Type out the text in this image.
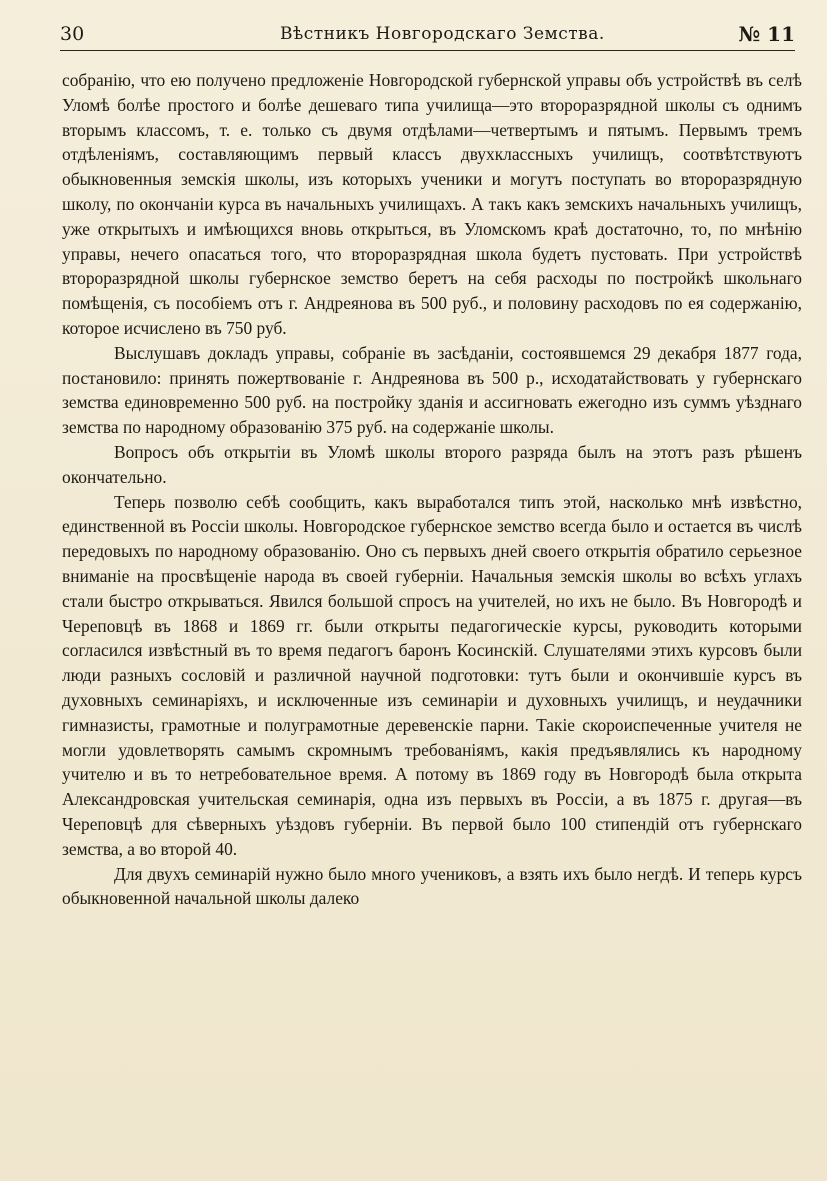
30	Вѣстникъ Новгородскаго Земства.	№ 11

собранію, что ею получено предложеніе Новгородской губернской управы объ устройствѣ въ селѣ Уломѣ болѣе простого и болѣе дешеваго типа училища—это второразрядной школы съ однимъ вторымъ классомъ, т. е. только съ двумя отдѣлами—четвертымъ и пятымъ. Первымъ тремъ отдѣленіямъ, составляющимъ первый классъ двухклассныхъ училищъ, соотвѣтствуютъ обыкновенныя земскія школы, изъ которыхъ ученики и могутъ поступать во второразрядную школу, по окончаніи курса въ начальныхъ училищахъ. А такъ какъ земскихъ начальныхъ училищъ, уже открытыхъ и имѣющихся вновь открыться, въ Уломскомъ краѣ достаточно, то, по мнѣнію управы, нечего опасаться того, что второразрядная школа будетъ пустовать. При устройствѣ второразрядной школы губернское земство беретъ на себя расходы по постройкѣ школьнаго помѣщенія, съ пособіемъ отъ г. Андреянова въ 500 руб., и половину расходовъ по ея содержанію, которое исчислено въ 750 руб.

Выслушавъ докладъ управы, собраніе въ засѣданіи, состоявшемся 29 декабря 1877 года, постановило: принять пожертвованіе г. Андреянова въ 500 р., исходатайствовать у губернскаго земства единовременно 500 руб. на постройку зданія и ассигновать ежегодно изъ суммъ уѣзднаго земства по народному образованію 375 руб. на содержаніе школы.

Вопросъ объ открытіи въ Уломѣ школы второго разряда былъ на этотъ разъ рѣшенъ окончательно.

Теперь позволю себѣ сообщить, какъ выработался типъ этой, насколько мнѣ извѣстно, единственной въ Россіи школы. Новгородское губернское земство всегда было и остается въ числѣ передовыхъ по народному образованію. Оно съ первыхъ дней своего открытія обратило серьезное вниманіе на просвѣщеніе народа въ своей губерніи. Начальныя земскія школы во всѣхъ углахъ стали быстро открываться. Явился большой спросъ на учителей, но ихъ не было. Въ Новгородѣ и Череповцѣ въ 1868 и 1869 гг. были открыты педагогическіе курсы, руководить которыми согласился извѣстный въ то время педагогъ баронъ Косинскій. Слушателями этихъ курсовъ были люди разныхъ сословій и различной научной подготовки: тутъ были и окончившіе курсъ въ духовныхъ семинаріяхъ, и исключенные изъ семинаріи и духовныхъ училищъ, и неудачники гимназисты, грамотные и полуграмотные деревенскіе парни. Такіе скороиспеченные учителя не могли удовлетворять самымъ скромнымъ требованіямъ, какія предъявлялись къ народному учителю и въ то нетребовательное время. А потому въ 1869 году въ Новгородѣ была открыта Александровская учительская семинарія, одна изъ первыхъ въ Россіи, а въ 1875 г. другая—въ Череповцѣ для сѣверныхъ уѣздовъ губерніи. Въ первой было 100 стипендій отъ губернскаго земства, а во второй 40.

Для двухъ семинарій нужно было много учениковъ, а взять ихъ было негдѣ. И теперь курсъ обыкновенной начальной школы далеко
